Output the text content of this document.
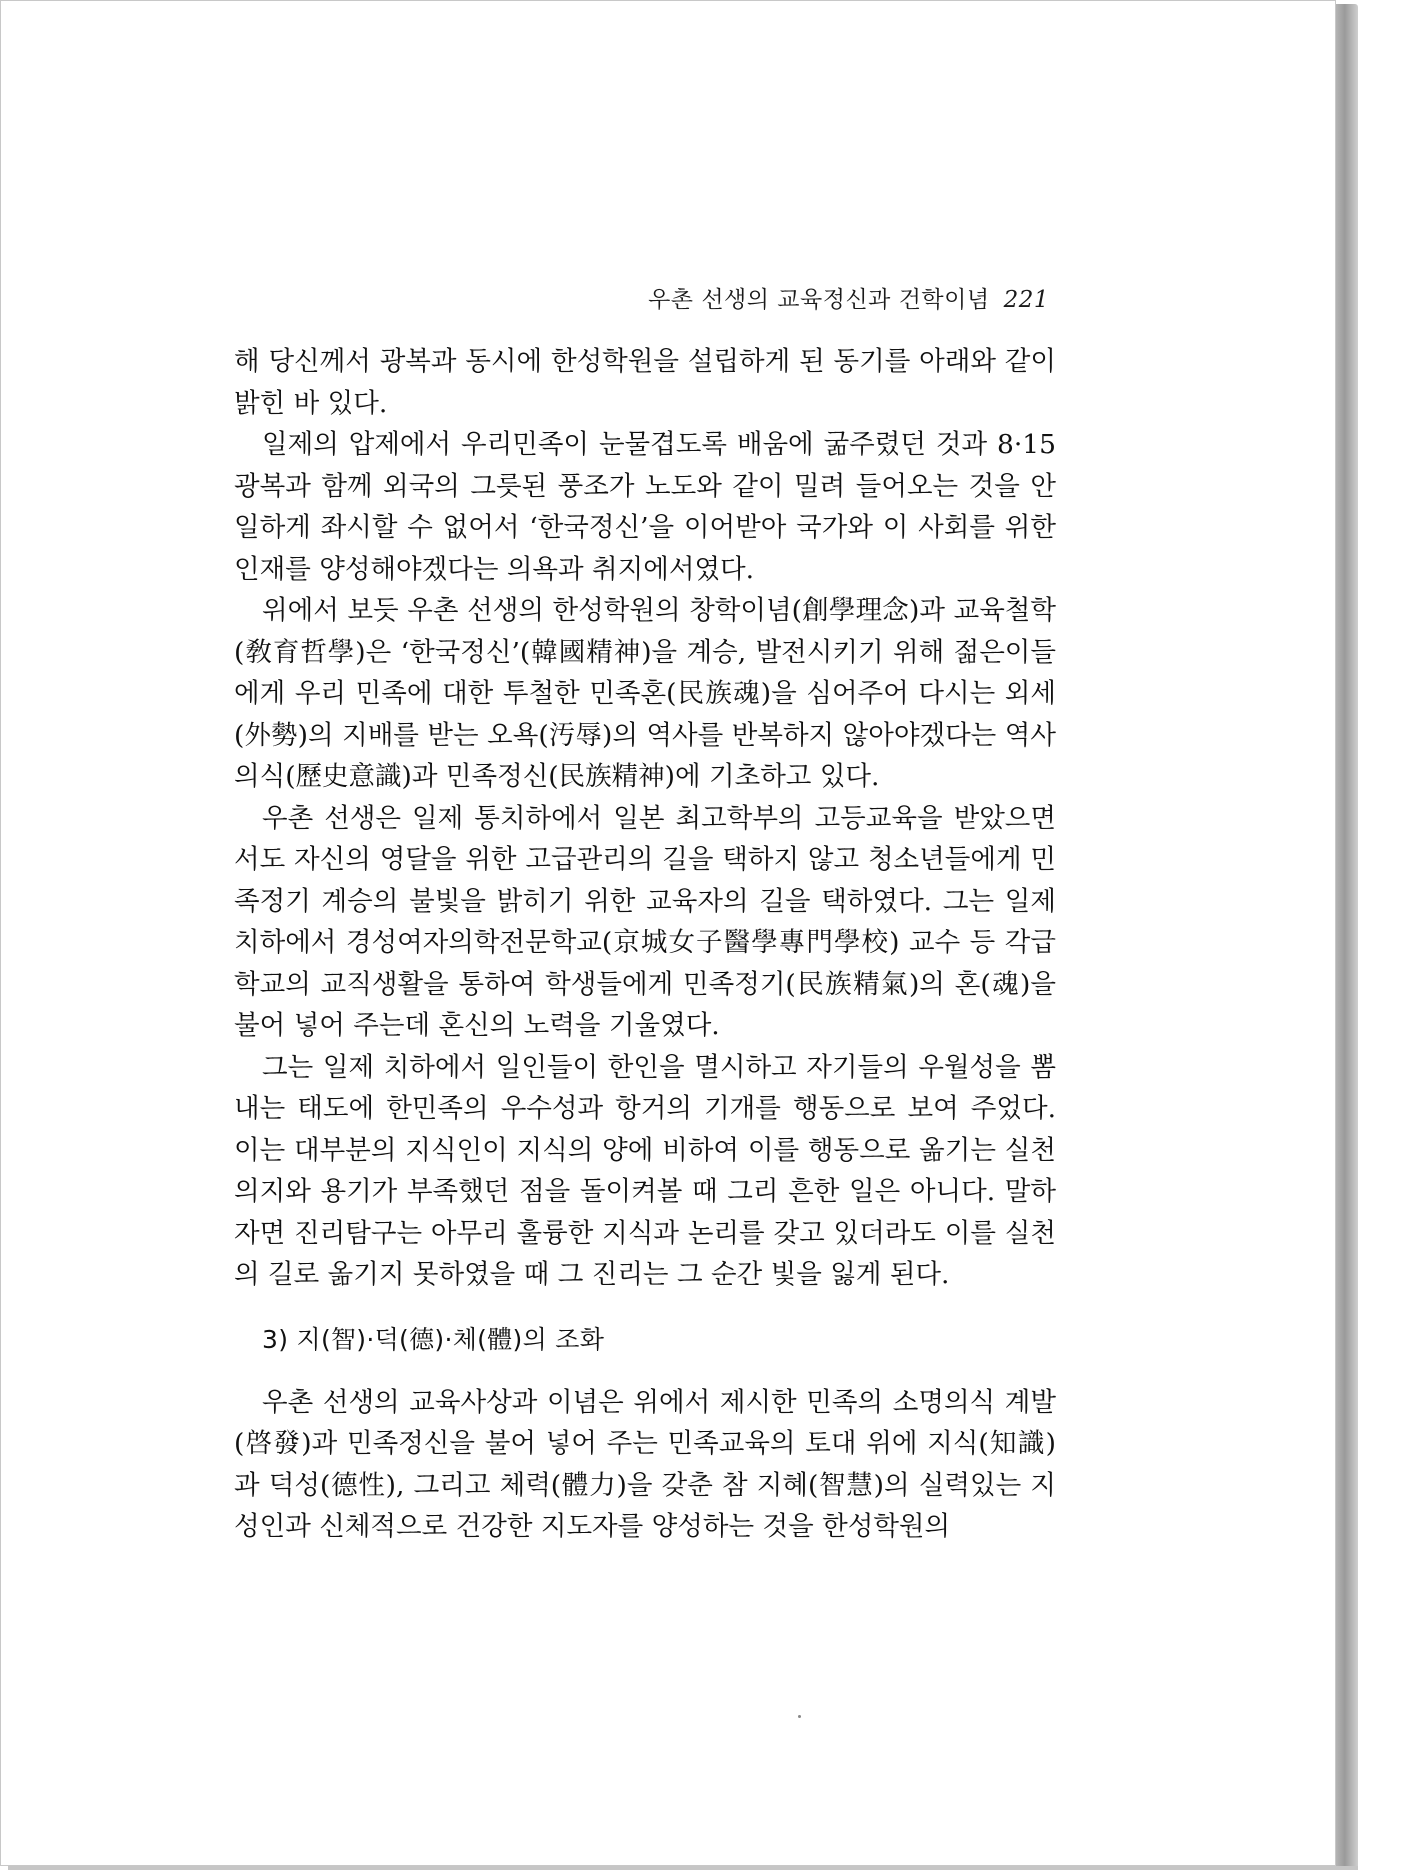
우촌 선생의 교육정신과 건학이념 221

해 당신께서 광복과 동시에 한성학원을 설립하게 된 동기를 아래와 같이 밝힌 바 있다.

일제의 압제에서 우리민족이 눈물겹도록 배움에 굶주렸던 것과 8·15광복과 함께 외국의 그릇된 풍조가 노도와 같이 밀려 들어오는 것을 안일하게 좌시할 수 없어서 ‘한국정신’을 이어받아 국가와 이 사회를 위한 인재를 양성해야겠다는 의욕과 취지에서였다.

위에서 보듯 우촌 선생의 한성학원의 창학이념(創學理念)과 교육철학(敎育哲學)은 ‘한국정신’(韓國精神)을 계승, 발전시키기 위해 젊은이들에게 우리 민족에 대한 투철한 민족혼(民族魂)을 심어주어 다시는 외세(外勢)의 지배를 받는 오욕(汚辱)의 역사를 반복하지 않아야겠다는 역사의식(歷史意識)과 민족정신(民族精神)에 기초하고 있다.

우촌 선생은 일제 통치하에서 일본 최고학부의 고등교육을 받았으면서도 자신의 영달을 위한 고급관리의 길을 택하지 않고 청소년들에게 민족정기 계승의 불빛을 밝히기 위한 교육자의 길을 택하였다. 그는 일제 치하에서 경성여자의학전문학교(京城女子醫學專門學校) 교수 등 각급 학교의 교직생활을 통하여 학생들에게 민족정기(民族精氣)의 혼(魂)을 불어 넣어 주는데 혼신의 노력을 기울였다.

그는 일제 치하에서 일인들이 한인을 멸시하고 자기들의 우월성을 뽐내는 태도에 한민족의 우수성과 항거의 기개를 행동으로 보여 주었다. 이는 대부분의 지식인이 지식의 양에 비하여 이를 행동으로 옮기는 실천의지와 용기가 부족했던 점을 돌이켜볼 때 그리 흔한 일은 아니다. 말하자면 진리탐구는 아무리 훌륭한 지식과 논리를 갖고 있더라도 이를 실천의 길로 옮기지 못하였을 때 그 진리는 그 순간 빛을 잃게 된다.

3) 지(智)·덕(德)·체(體)의 조화

우촌 선생의 교육사상과 이념은 위에서 제시한 민족의 소명의식 계발(啓發)과 민족정신을 불어 넣어 주는 민족교육의 토대 위에 지식(知識)과 덕성(德性), 그리고 체력(體力)을 갖춘 참 지혜(智慧)의 실력있는 지성인과 신체적으로 건강한 지도자를 양성하는 것을 한성학원의
